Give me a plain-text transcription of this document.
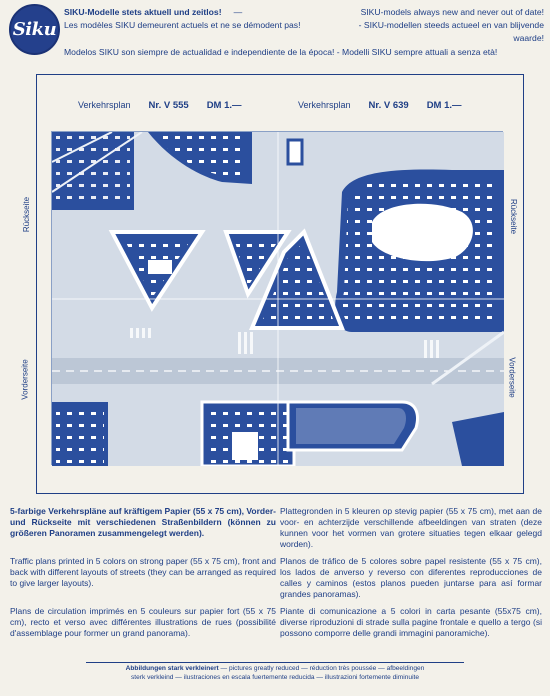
Siku
SIKU-Modelle stets aktuell und zeitlos! —	SIKU-models always new and never out of date!
Les modèles SIKU demeurent actuels et ne se démodent pas!	- SIKU-modellen steeds actueel en van blijvende
waarde!
Modelos SIKU son siempre de actualidad e independiente de la época! - Modelli SIKU sempre attuali a senza età!
Verkehrsplan Nr. V 555 DM 1.—	Verkehrsplan Nr. V 639 DM 1.—
Rückseite
Vorderseite
Rückseite
Vorderseite
5-farbige Verkehrspläne auf kräftigem Papier (55 x 75 cm), Vorder- und Rückseite mit verschiedenen Straßenbildern (können zu größeren Panoramen zusammengelegt werden).
Traffic plans printed in 5 colors on strong paper (55 x 75 cm), front and back with different layouts of streets (they can be arranged as required to give larger layouts).
Plans de circulation imprimés en 5 couleurs sur papier fort (55 x 75 cm), recto et verso avec différentes illustrations de rues (possibilité d'assemblage pour former un grand panorama).
Plattegronden in 5 kleuren op stevig papier (55 x 75 cm), met aan de voor- en achterzijde verschillende afbeeldingen van straten (deze kunnen voor het vormen van grotere situaties tegen elkaar gelegd worden).
Planos de tráfico de 5 colores sobre papel resistente (55 x 75 cm), los lados de anverso y reverso con diferentes reproducciones de calles y caminos (estos planos pueden juntarse para así formar grandes panoramas).
Piante di comunicazione a 5 colori in carta pesante (55x75 cm), diverse riproduzioni di strade sulla pagine frontale e quello a tergo (si possono comporre delle grandi immagini panoramiche).
Abbildungen stark verkleinert — pictures greatly reduced — réduction très poussée — afbeeldingen
sterk verkleind — ilustraciones en escala fuertemente reducida — illustrazioni fortemente diminuite
